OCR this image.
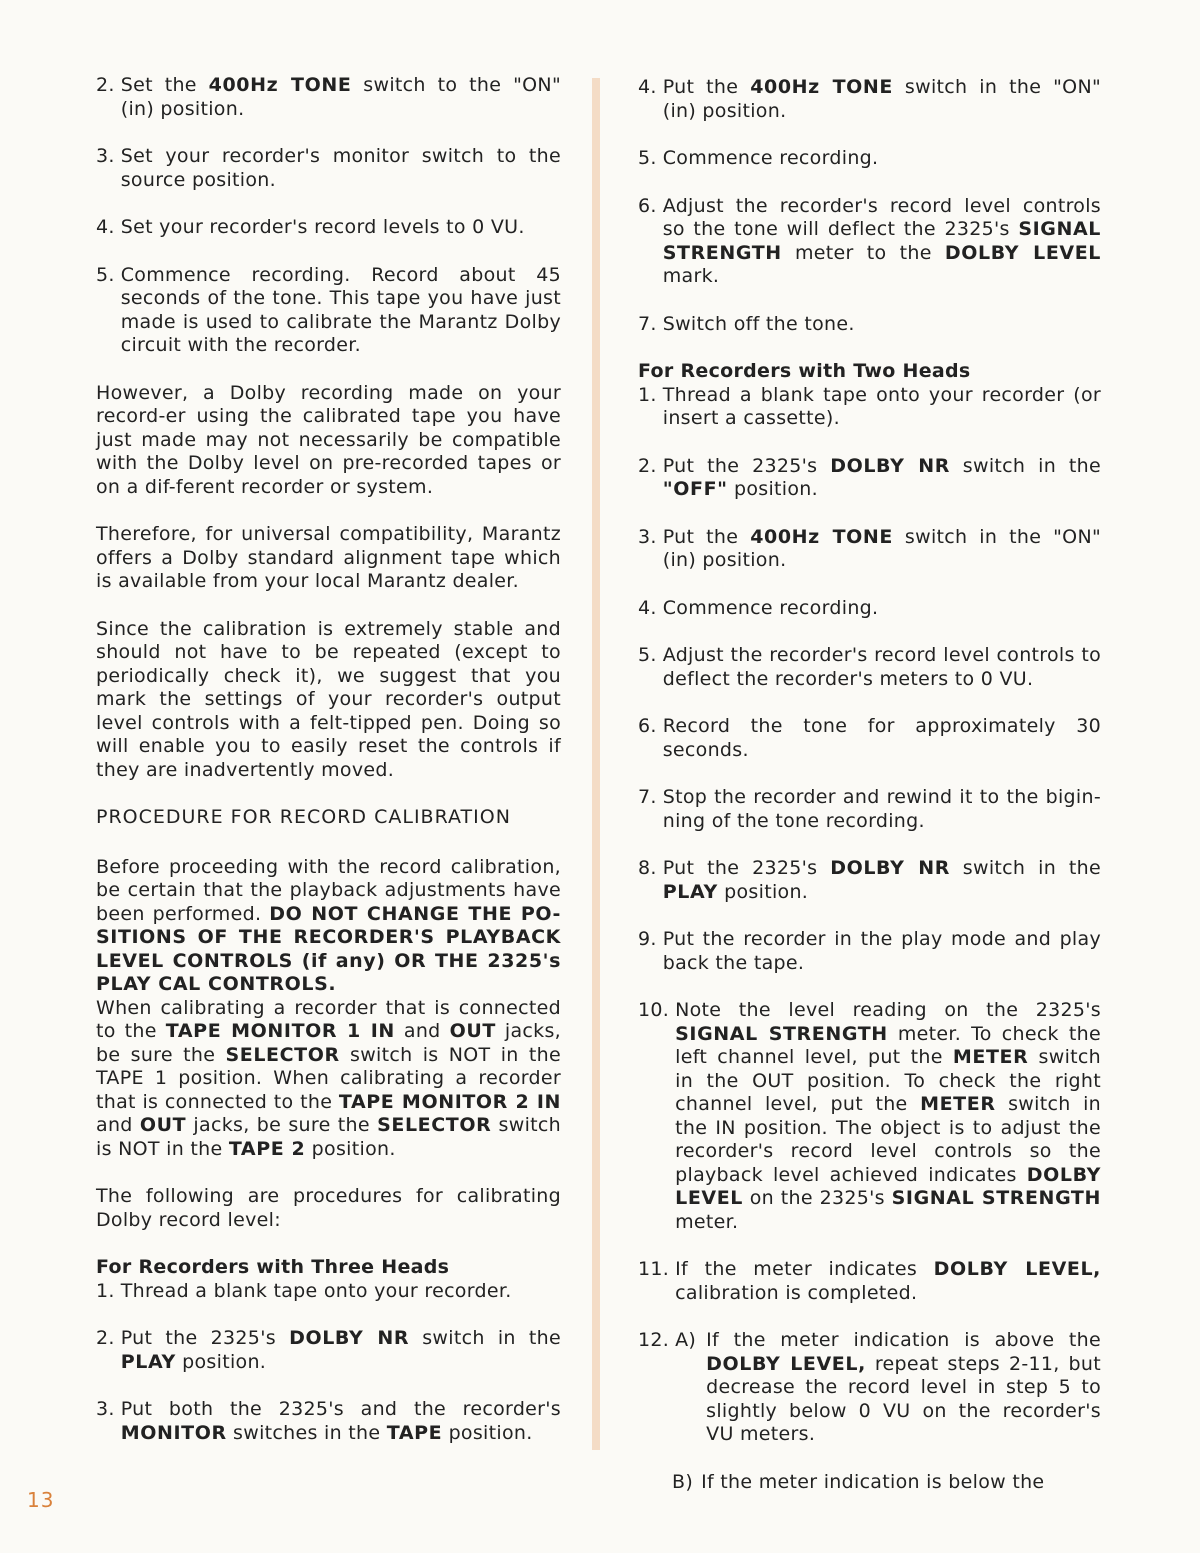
2. Set the 400Hz TONE switch to the "ON" (in) position.
3. Set your recorder's monitor switch to the source position.
4. Set your recorder's record levels to 0 VU.
5. Commence recording. Record about 45 seconds of the tone. This tape you have just made is used to calibrate the Marantz Dolby circuit with the recorder.

However, a Dolby recording made on your record-er using the calibrated tape you have just made may not necessarily be compatible with the Dolby level on pre-recorded tapes or on a dif-ferent recorder or system.

Therefore, for universal compatibility, Marantz offers a Dolby standard alignment tape which is available from your local Marantz dealer.

Since the calibration is extremely stable and should not have to be repeated (except to periodically check it), we suggest that you mark the settings of your recorder's output level controls with a felt-tipped pen. Doing so will enable you to easily reset the controls if they are inadvertently moved.

PROCEDURE FOR RECORD CALIBRATION

Before proceeding with the record calibration, be certain that the playback adjustments have been performed. DO NOT CHANGE THE PO-SITIONS OF THE RECORDER'S PLAYBACK LEVEL CONTROLS (if any) OR THE 2325's PLAY CAL CONTROLS.

When calibrating a recorder that is connected to the TAPE MONITOR 1 IN and OUT jacks, be sure the SELECTOR switch is NOT in the TAPE 1 position. When calibrating a recorder that is connected to the TAPE MONITOR 2 IN and OUT jacks, be sure the SELECTOR switch is NOT in the TAPE 2 position.

The following are procedures for calibrating Dolby record level:

For Recorders with Three Heads

1. Thread a blank tape onto your recorder.
2. Put the 2325's DOLBY NR switch in the PLAY position.
3. Put both the 2325's and the recorder's MONITOR switches in the TAPE position.
4. Put the 400Hz TONE switch in the "ON" (in) position.
5. Commence recording.
6. Adjust the recorder's record level controls so the tone will deflect the 2325's SIGNAL STRENGTH meter to the DOLBY LEVEL mark.
7. Switch off the tone.

For Recorders with Two Heads

1. Thread a blank tape onto your recorder (or insert a cassette).
2. Put the 2325's DOLBY NR switch in the "OFF" position.
3. Put the 400Hz TONE switch in the "ON" (in) position.
4. Commence recording.
5. Adjust the recorder's record level controls to deflect the recorder's meters to 0 VU.
6. Record the tone for approximately 30 seconds.
7. Stop the recorder and rewind it to the bigin-ning of the tone recording.
8. Put the 2325's DOLBY NR switch in the PLAY position.
9. Put the recorder in the play mode and play back the tape.
10. Note the level reading on the 2325's SIGNAL STRENGTH meter. To check the left channel level, put the METER switch in the OUT position. To check the right channel level, put the METER switch in the IN position. The object is to adjust the recorder's record level controls so the playback level achieved indicates DOLBY LEVEL on the 2325's SIGNAL STRENGTH meter.
11. If the meter indicates DOLBY LEVEL, calibration is completed.
12. A) If the meter indication is above the DOLBY LEVEL, repeat steps 2-11, but decrease the record level in step 5 to slightly below 0 VU on the recorder's VU meters.
B) If the meter indication is below the
13
